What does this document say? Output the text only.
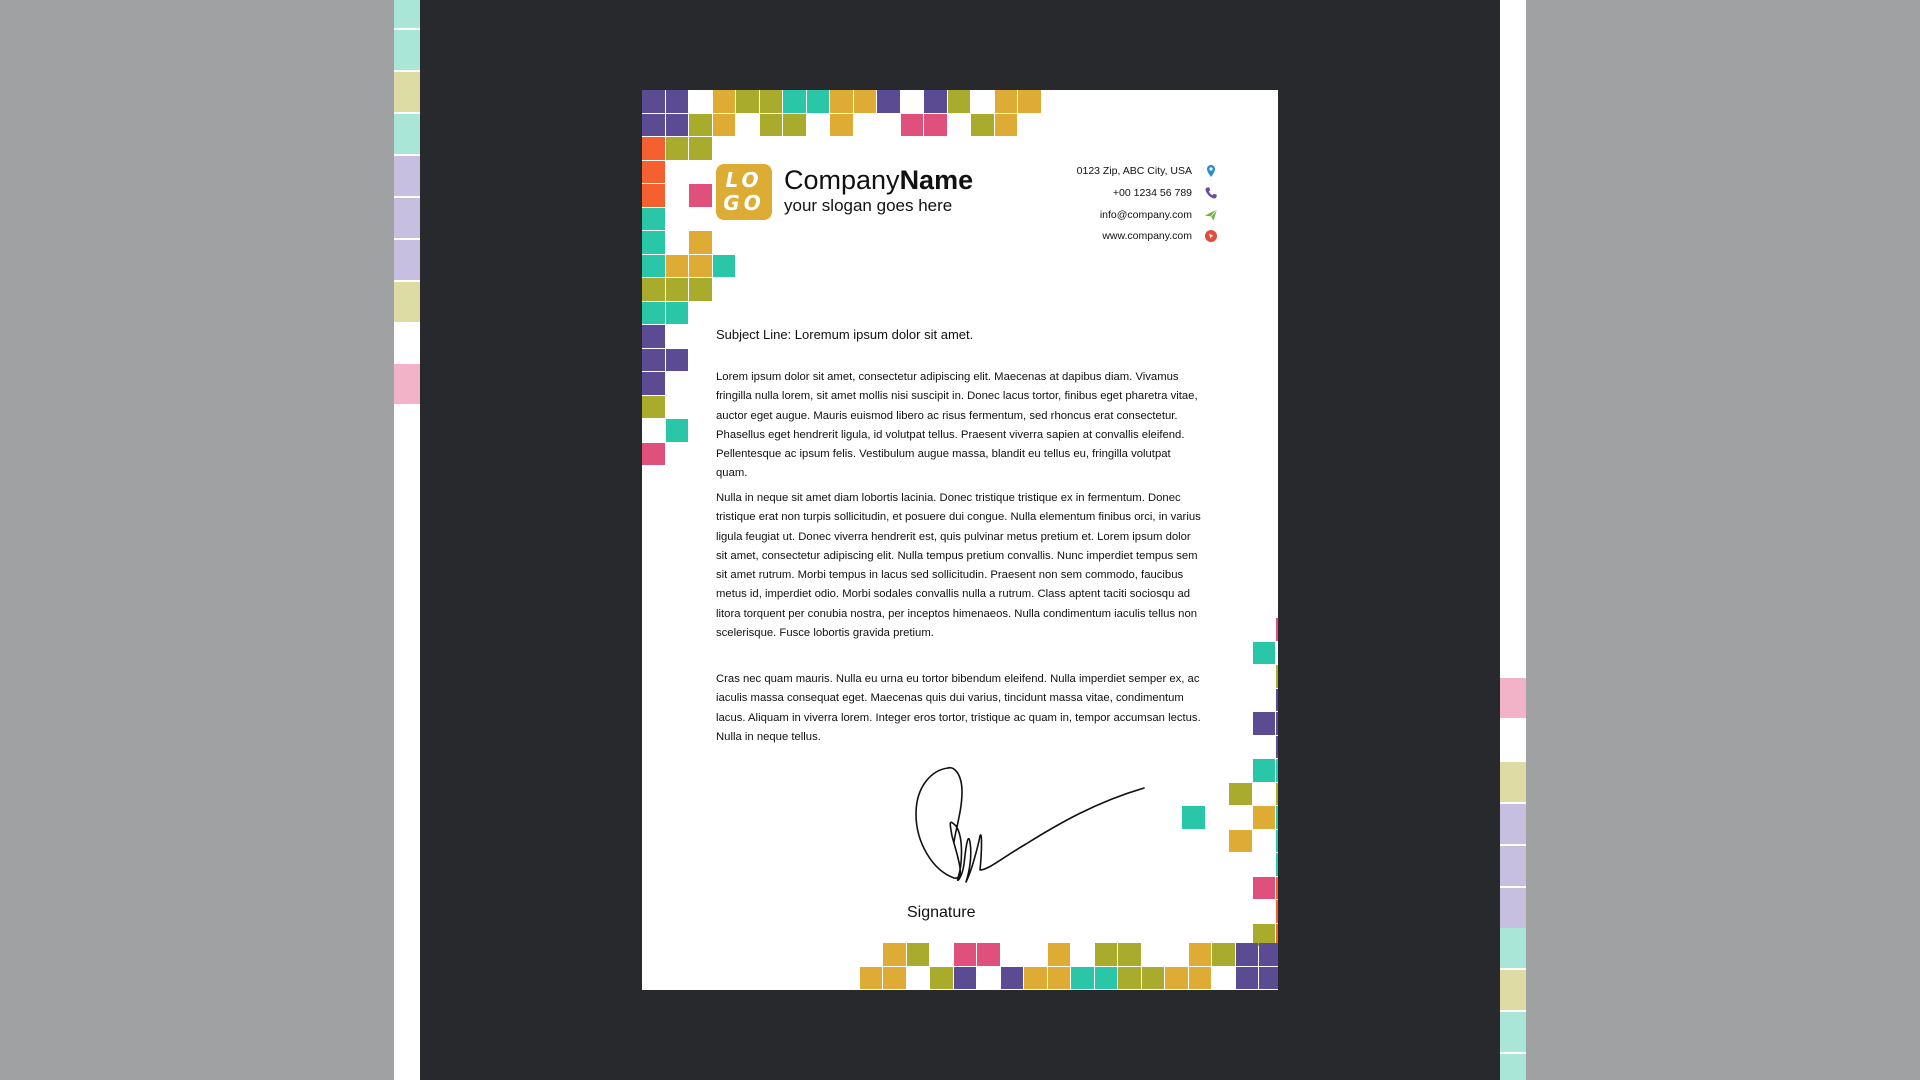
LO
GO
CompanyName
your slogan goes here
0123 Zip, ABC City, USA
+00 1234 56 789
info@company.com
www.company.com
Subject Line: Loremum ipsum dolor sit amet.

Lorem ipsum dolor sit amet, consectetur adipiscing elit. Maecenas at dapibus diam. Vivamus fringilla nulla lorem, sit amet mollis nisi suscipit in. Donec lacus tortor, finibus eget pharetra vitae, auctor eget augue. Mauris euismod libero ac risus fermentum, sed rhoncus erat consectetur. Phasellus eget hendrerit ligula, id volutpat tellus. Praesent viverra sapien at convallis eleifend. Pellentesque ac ipsum felis. Vestibulum augue massa, blandit eu tellus eu, fringilla volutpat quam.

Nulla in neque sit amet diam lobortis lacinia. Donec tristique tristique ex in fermentum. Donec tristique erat non turpis sollicitudin, et posuere dui congue. Nulla elementum finibus orci, in varius ligula feugiat ut. Donec viverra hendrerit est, quis pulvinar metus pretium et. Lorem ipsum dolor sit amet, consectetur adipiscing elit. Nulla tempus pretium convallis. Nunc imperdiet tempus sem sit amet rutrum. Morbi tempus in lacus sed sollicitudin. Praesent non sem commodo, faucibus metus id, imperdiet odio. Morbi sodales convallis nulla a rutrum. Class aptent taciti sociosqu ad litora torquent per conubia nostra, per inceptos himenaeos. Nulla condimentum iaculis tellus non scelerisque. Fusce lobortis gravida pretium.

Cras nec quam mauris. Nulla eu urna eu tortor bibendum eleifend. Nulla imperdiet semper ex, ac iaculis massa consequat eget. Maecenas quis dui varius, tincidunt massa vitae, condimentum lacus. Aliquam in viverra lorem. Integer eros tortor, tristique ac quam in, tempor accumsan lectus. Nulla in neque tellus.

Signature
